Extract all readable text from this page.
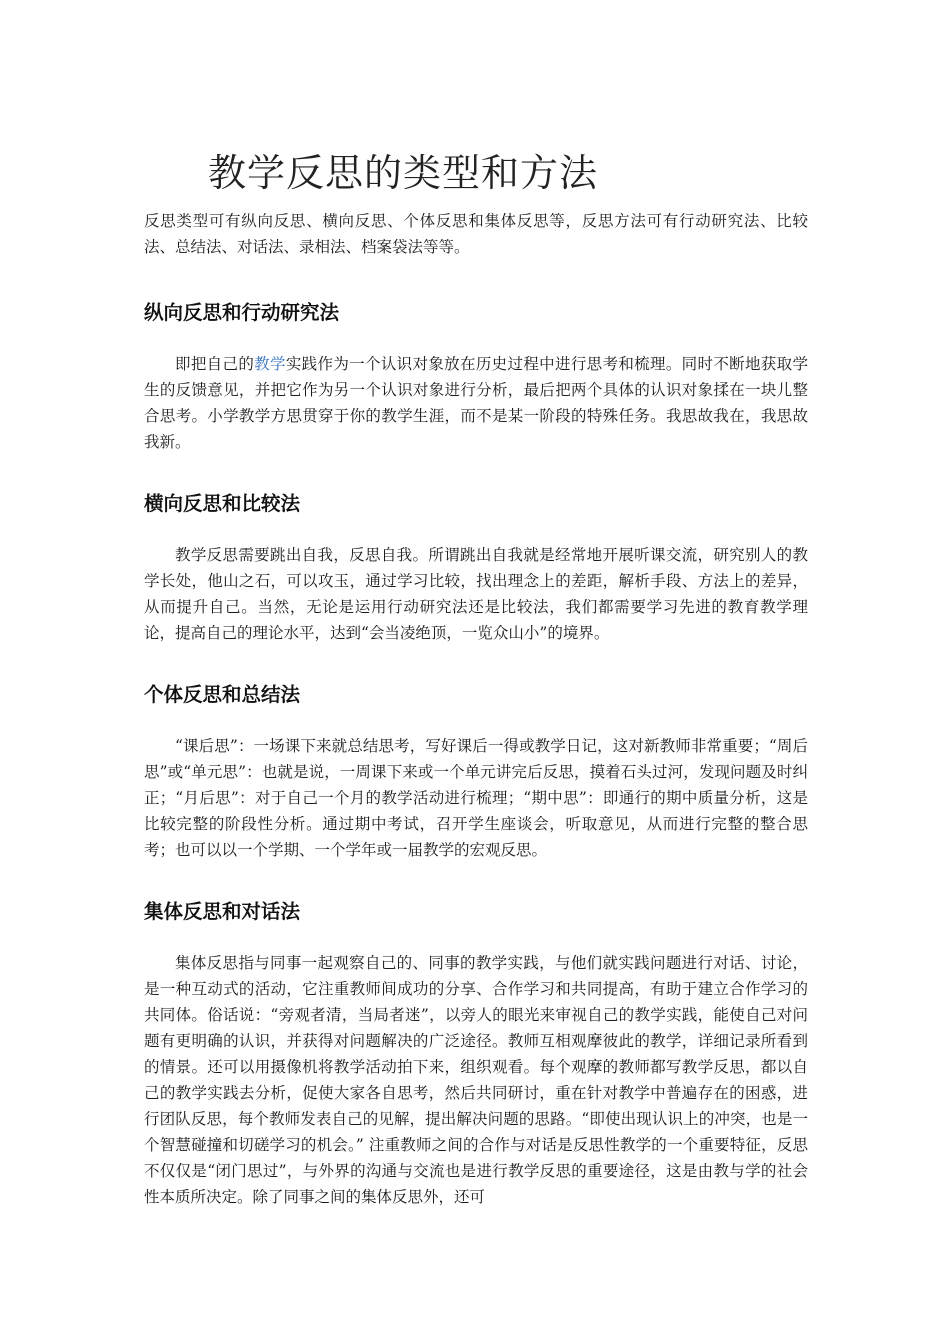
教学反思的类型和方法

反思类型可有纵向反思、横向反思、个体反思和集体反思等，反思方法可有行动研究法、比较法、总结法、对话法、录相法、档案袋法等等。

纵向反思和行动研究法

即把自己的教学实践作为一个认识对象放在历史过程中进行思考和梳理。同时不断地获取学生的反馈意见，并把它作为另一个认识对象进行分析，最后把两个具体的认识对象揉在一块儿整合思考。小学教学方思贯穿于你的教学生涯，而不是某一阶段的特殊任务。我思故我在，我思故我新。

横向反思和比较法

教学反思需要跳出自我，反思自我。所谓跳出自我就是经常地开展听课交流，研究别人的教学长处，他山之石，可以攻玉，通过学习比较，找出理念上的差距，解析手段、方法上的差异，从而提升自己。当然，无论是运用行动研究法还是比较法，我们都需要学习先进的教育教学理论，提高自己的理论水平，达到“会当凌绝顶，一览众山小”的境界。

个体反思和总结法

“课后思”：一场课下来就总结思考，写好课后一得或教学日记，这对新教师非常重要；“周后思”或“单元思”：也就是说，一周课下来或一个单元讲完后反思，摸着石头过河，发现问题及时纠正；“月后思”：对于自己一个月的教学活动进行梳理；“期中思”：即通行的期中质量分析，这是比较完整的阶段性分析。通过期中考试，召开学生座谈会，听取意见，从而进行完整的整合思考；也可以以一个学期、一个学年或一届教学的宏观反思。

集体反思和对话法

集体反思指与同事一起观察自己的、同事的教学实践，与他们就实践问题进行对话、讨论，是一种互动式的活动，它注重教师间成功的分享、合作学习和共同提高，有助于建立合作学习的共同体。俗话说：“旁观者清，当局者迷”，以旁人的眼光来审视自己的教学实践，能使自己对问题有更明确的认识，并获得对问题解决的广泛途径。教师互相观摩彼此的教学，详细记录所看到的情景。还可以用摄像机将教学活动拍下来，组织观看。每个观摩的教师都写教学反思，都以自己的教学实践去分析，促使大家各自思考，然后共同研讨，重在针对教学中普遍存在的困惑，进行团队反思，每个教师发表自己的见解，提出解决问题的思路。“即使出现认识上的冲突，也是一个智慧碰撞和切磋学习的机会。” 注重教师之间的合作与对话是反思性教学的一个重要特征，反思不仅仅是“闭门思过”，与外界的沟通与交流也是进行教学反思的重要途径，这是由教与学的社会性本质所决定。除了同事之间的集体反思外，还可
